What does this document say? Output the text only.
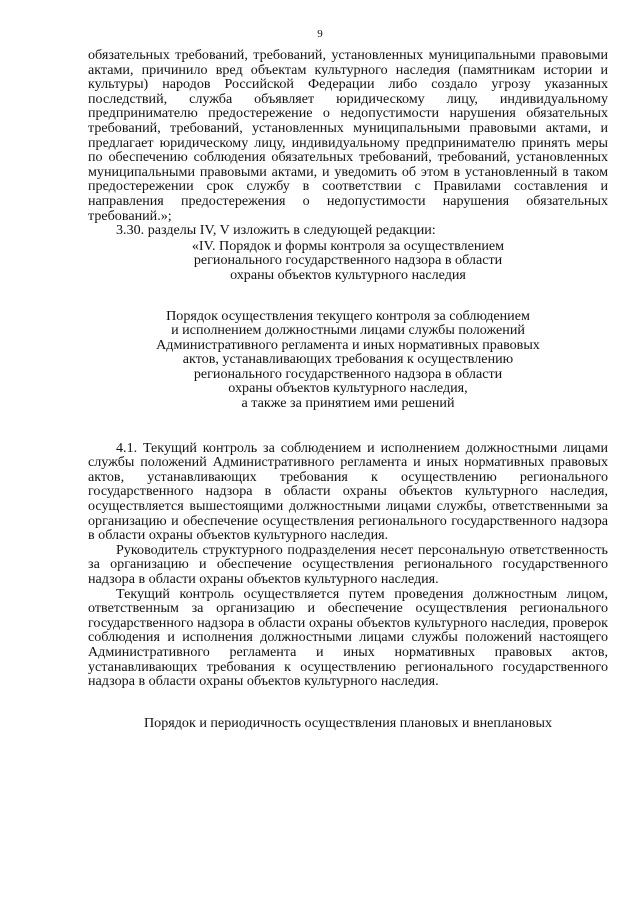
9

обязательных требований, требований, установленных муниципальными правовыми актами, причинило вред объектам культурного наследия (памятникам истории и культуры) народов Российской Федерации либо создало угрозу указанных последствий, служба объявляет юридическому лицу, индивидуальному предпринимателю предостережение о недопустимости нарушения обязательных требований, требований, установленных муниципальными правовыми актами, и предлагает юридическому лицу, индивидуальному предпринимателю принять меры по обеспечению соблюдения обязательных требований, требований, установленных муниципальными правовыми актами, и уведомить об этом в установленный в таком предостережении срок службу в соответствии с Правилами составления и направления предостережения о недопустимости нарушения обязательных требований.»;

3.30. разделы IV, V изложить в следующей редакции:

«IV. Порядок и формы контроля за осуществлением

регионального государственного надзора в области

охраны объектов культурного наследия

Порядок осуществления текущего контроля за соблюдением

и исполнением должностными лицами службы положений

Административного регламента и иных нормативных правовых

актов, устанавливающих требования к осуществлению

регионального государственного надзора в области

охраны объектов культурного наследия,

а также за принятием ими решений

4.1. Текущий контроль за соблюдением и исполнением должностными лицами службы положений Административного регламента и иных нормативных правовых актов, устанавливающих требования к осуществлению регионального государственного надзора в области охраны объектов культурного наследия, осуществляется вышестоящими должностными лицами службы, ответственными за организацию и обеспечение осуществления регионального государственного надзора в области охраны объектов культурного наследия.

Руководитель структурного подразделения несет персональную ответственность за организацию и обеспечение осуществления регионального государственного надзора в области охраны объектов культурного наследия.

Текущий контроль осуществляется путем проведения должностным лицом, ответственным за организацию и обеспечение осуществления регионального государственного надзора в области охраны объектов культурного наследия, проверок соблюдения и исполнения должностными лицами службы положений настоящего Административного регламента и иных нормативных правовых актов, устанавливающих требования к осуществлению регионального государственного надзора в области охраны объектов культурного наследия.

Порядок и периодичность осуществления плановых и внеплановых
